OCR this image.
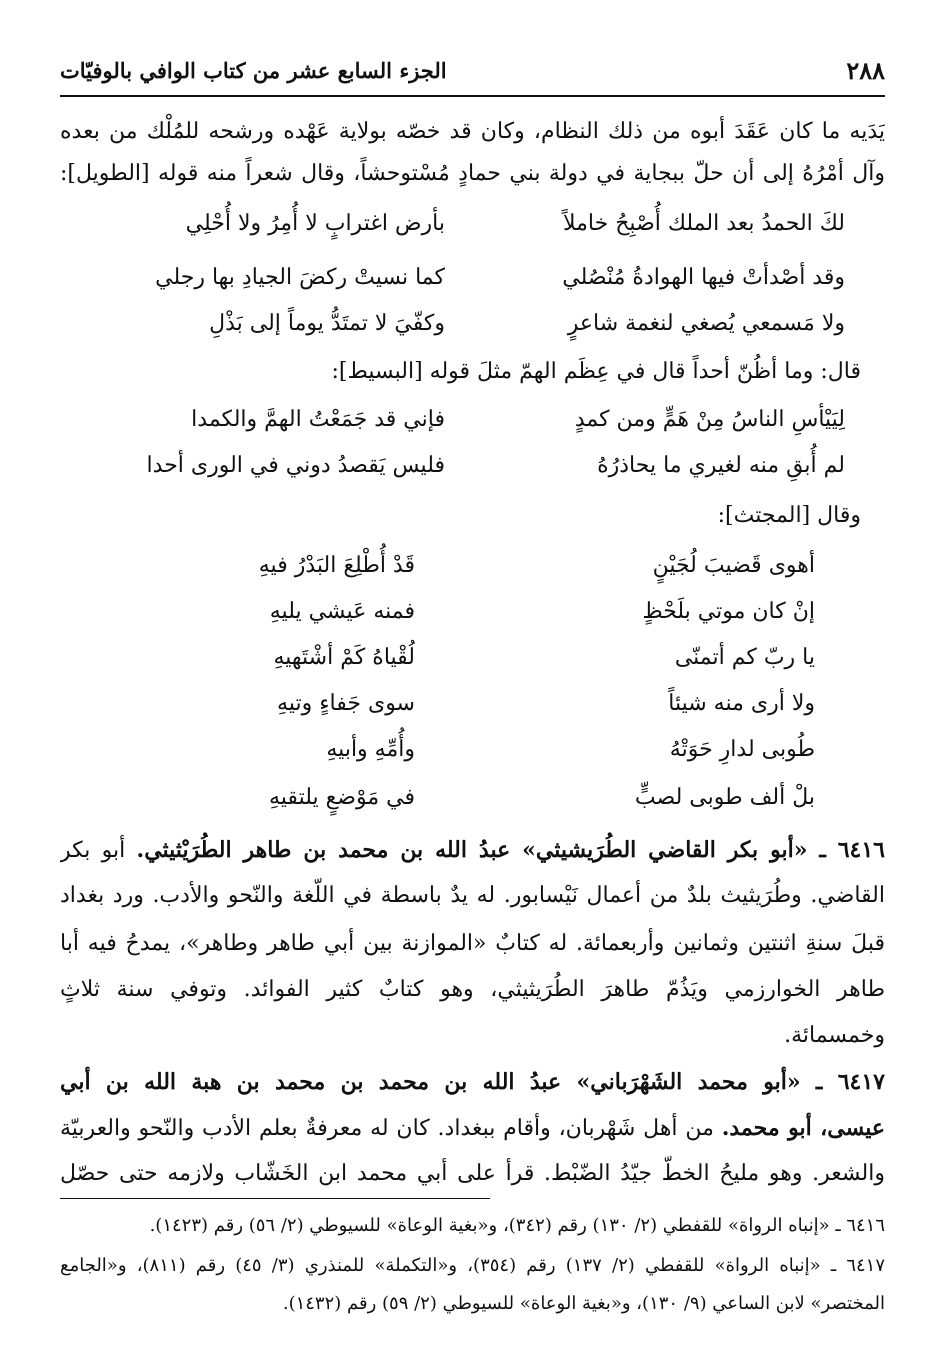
٢٨٨
الجزء السابع عشر من كتاب الوافي بالوفيّات
يَدَيه ما كان عَقَدَ أبوه من ذلك النظام، وكان قد خصّه بولاية عَهْده ورشحه للمُلْك من بعده
وآل أمْرُهُ إلى أن حلّ ببجاية في دولة بني حمادٍ مُسْتوحشاً، وقال شعراً منه قوله [الطويل]:
لكَ الحمدُ بعد الملك أُصْبِحُ خاملاً
بأرض اغترابٍ لا أُمِرُ ولا أُحْلِي
وقد أصْدأتْ فيها الهوادةُ مُنْصُلي
كما نسيتْ ركضَ الجيادِ بها رجلي
ولا مَسمعي يُصغي لنغمة شاعرٍ
وكفّيَ لا تمتَدُّ يوماً إلى بَذْلِ
قال: وما أظُنّ أحداً قال في عِظَم الهمّ مثلَ قوله [البسيط]:
لِيَيْأسِ الناسُ مِنْ هَمٍّ ومن كمدٍ
فإني قد جَمَعْتُ الهمَّ والكمدا
لم أُبقِ منه لغيري ما يحاذرُهُ
فليس يَقصدُ دوني في الورى أحدا
وقال [المجتث]:
أهوى قَضيبَ لُجَيْنٍ
قَدْ أُطْلِعَ البَدْرُ فيهِ
إنْ كان موتي بلَحْظٍ
فمنه عَيشي يليهِ
يا ربّ كم أتمنّى
لُقْياهُ كَمْ أشْتَهيهِ
ولا أرى منه شيئاً
سوى جَفاءٍ وتيهِ
طُوبى لدارِ حَوَتْهُ
وأُمِّهِ وأبيهِ
بلْ ألف طوبى لصبٍّ
في مَوْضعٍ يلتقيهِ
٦٤١٦ ـ «أبو بكر القاضي الطُرَيشيثي» عبدُ الله بن محمد بن طاهر الطُرَيْثيثي. أبو بكر
القاضي. وطُرَيثيث بلدٌ من أعمال نَيْسابور. له يدٌ باسطة في اللّغة والنّحو والأدب. ورد بغداد
قبلَ سنةِ اثنتين وثمانين وأربعمائة. له كتابٌ «الموازنة بين أبي طاهر وطاهر»، يمدحُ فيه أبا
طاهر الخوارزمي ويَذُمّ طاهرَ الطُرَيثيثي، وهو كتابٌ كثير الفوائد. وتوفي سنة ثلاثٍ
وخمسمائة.
٦٤١٧ ـ «أبو محمد الشَهْرَباني» عبدُ الله بن محمد بن محمد بن هبة الله بن أبي
عيسى، أبو محمد. من أهل شَهْربان، وأقام ببغداد. كان له معرفةٌ بعلم الأدب والنّحو والعربيّة
والشعر. وهو مليحُ الخطّ جيّدُ الضّبْط. قرأ على أبي محمد ابن الخَشّاب ولازمه حتى حصّل
٦٤١٦ ـ «إنباه الرواة» للقفطي (٢/ ١٣٠) رقم (٣٤٢)، و«بغية الوعاة» للسيوطي (٢/ ٥٦) رقم (١٤٢٣).
٦٤١٧ ـ «إنباه الرواة» للقفطي (٢/ ١٣٧) رقم (٣٥٤)، و«التكملة» للمنذري (٣/ ٤٥) رقم (٨١١)، و«الجامع
المختصر» لابن الساعي (٩/ ١٣٠)، و«بغية الوعاة» للسيوطي (٢/ ٥٩) رقم (١٤٣٢).
